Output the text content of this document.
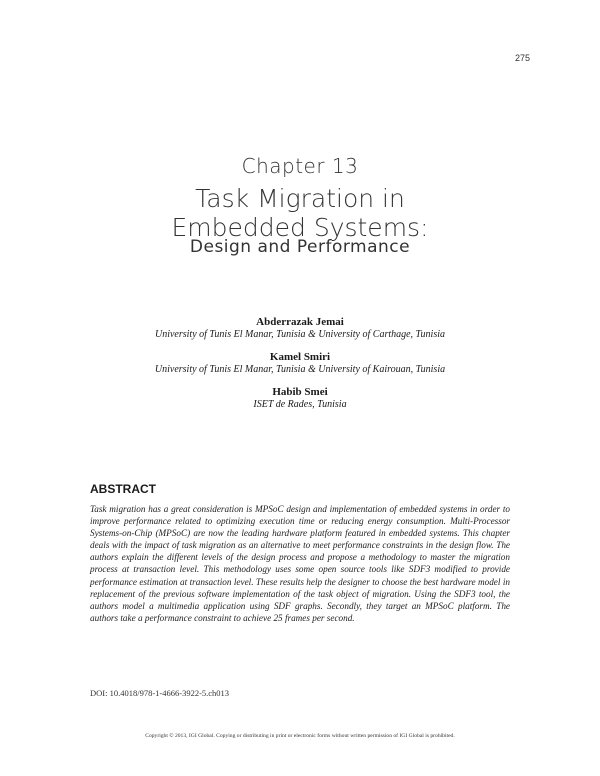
275
Chapter 13
Task Migration in
Embedded Systems:
Design and Performance
Abderrazak Jemai
University of Tunis El Manar, Tunisia & University of Carthage, Tunisia
Kamel Smiri
University of Tunis El Manar, Tunisia & University of Kairouan, Tunisia
Habib Smei
ISET de Rades, Tunisia
ABSTRACT
Task migration has a great consideration is MPSoC design and implementation of embedded systems in order to improve performance related to optimizing execution time or reducing energy consumption. Multi-Processor Systems-on-Chip (MPSoC) are now the leading hardware platform featured in embedded systems. This chapter deals with the impact of task migration as an alternative to meet performance constraints in the design flow. The authors explain the different levels of the design process and propose a methodology to master the migration process at transaction level. This methodology uses some open source tools like SDF3 modified to provide performance estimation at transaction level. These results help the designer to choose the best hardware model in replacement of the previous software implementation of the task object of migration. Using the SDF3 tool, the authors model a multimedia application using SDF graphs. Secondly, they target an MPSoC platform. The authors take a performance constraint to achieve 25 frames per second.
DOI: 10.4018/978-1-4666-3922-5.ch013
Copyright © 2013, IGI Global. Copying or distributing in print or electronic forms without written permission of IGI Global is prohibited.
